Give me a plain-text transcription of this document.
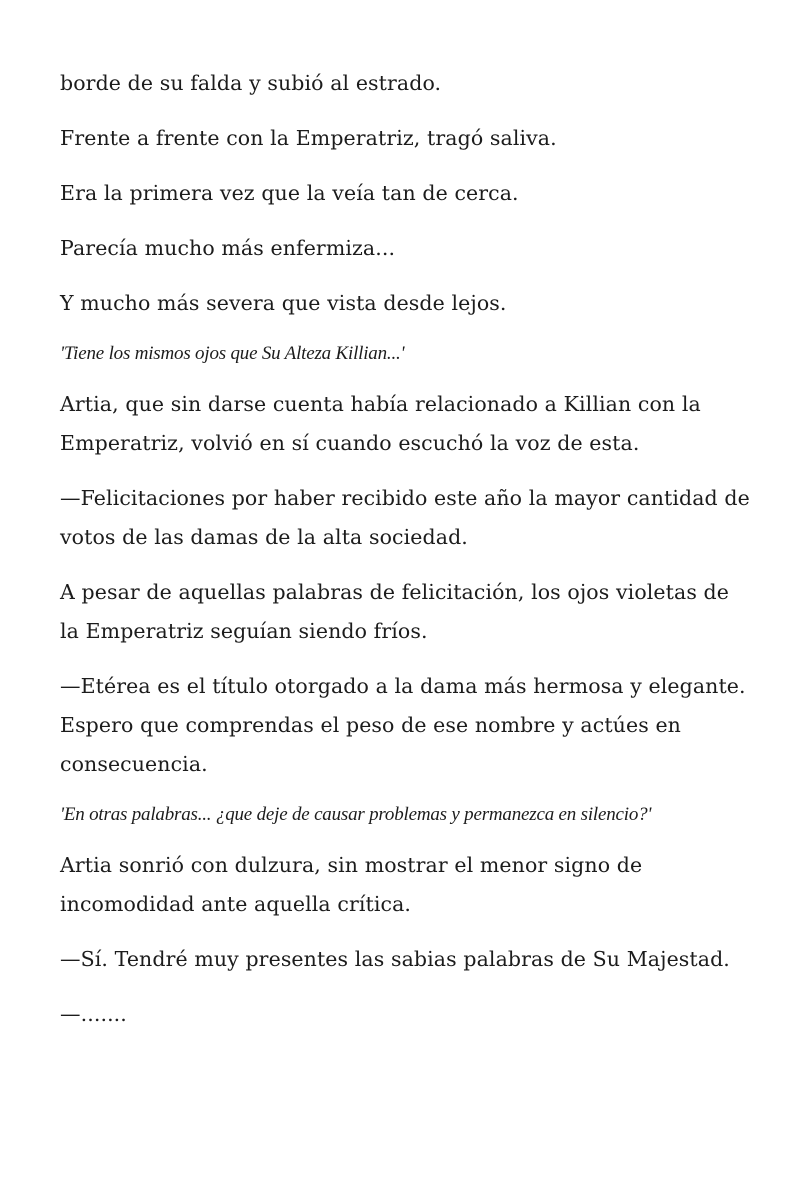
borde de su falda y subió al estrado.

Frente a frente con la Emperatriz, tragó saliva.

Era la primera vez que la veía tan de cerca.

Parecía mucho más enfermiza...

Y mucho más severa que vista desde lejos.

'Tiene los mismos ojos que Su Alteza Killian...'

Artia, que sin darse cuenta había relacionado a Killian con la Emperatriz, volvió en sí cuando escuchó la voz de esta.

—Felicitaciones por haber recibido este año la mayor cantidad de votos de las damas de la alta sociedad.

A pesar de aquellas palabras de felicitación, los ojos violetas de la Emperatriz seguían siendo fríos.

—Etérea es el título otorgado a la dama más hermosa y elegante. Espero que comprendas el peso de ese nombre y actúes en consecuencia.

'En otras palabras... ¿que deje de causar problemas y permanezca en silencio?'

Artia sonrió con dulzura, sin mostrar el menor signo de incomodidad ante aquella crítica.

—Sí. Tendré muy presentes las sabias palabras de Su Majestad.

—.......
